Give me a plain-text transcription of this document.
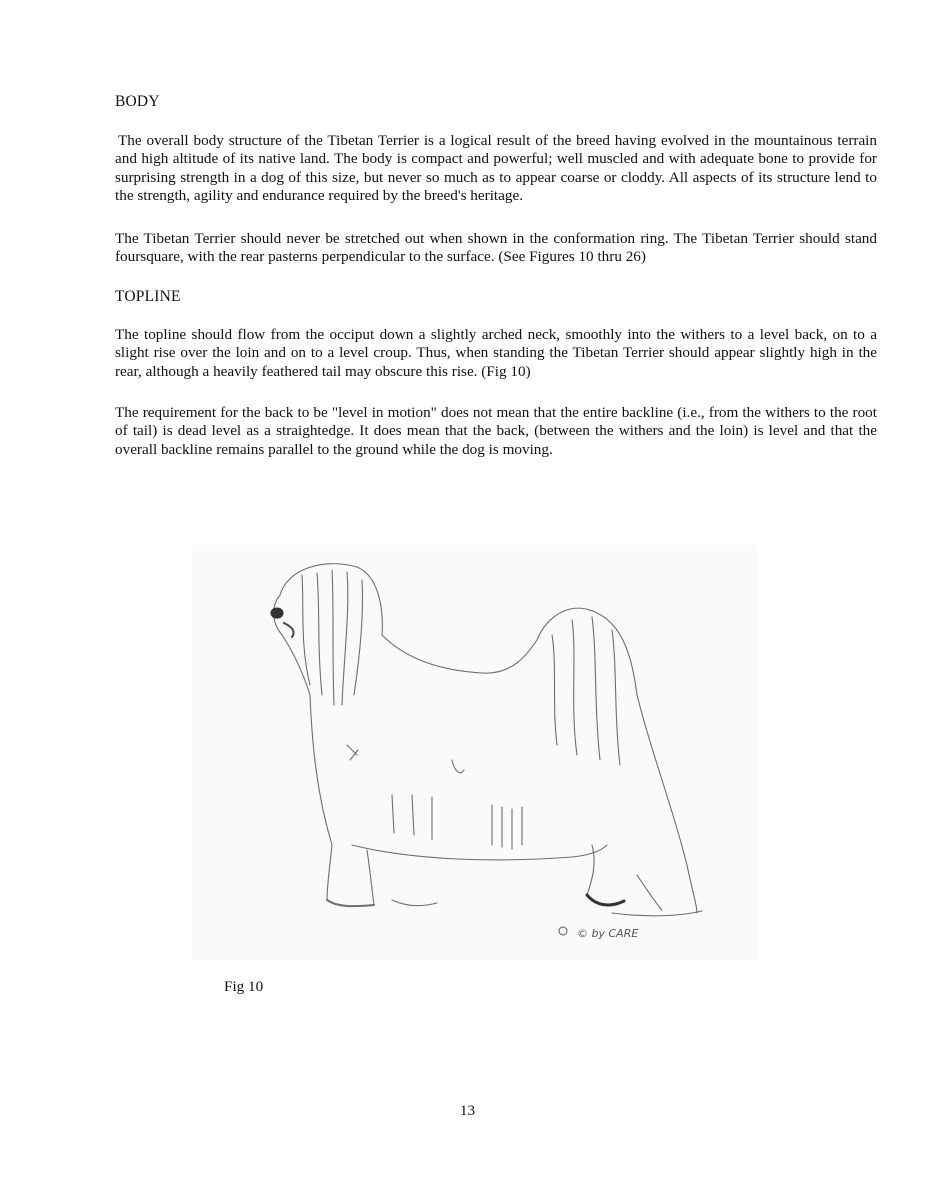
BODY

The overall body structure of the Tibetan Terrier is a logical result of the breed having evolved in the mountainous terrain and high altitude of its native land. The body is compact and powerful; well muscled and with adequate bone to provide for surprising strength in a dog of this size, but never so much as to appear coarse or cloddy. All aspects of its structure lend to the strength, agility and endurance required by the breed's heritage.

The Tibetan Terrier should never be stretched out when shown in the conformation ring. The Tibetan Terrier should stand foursquare, with the rear pasterns perpendicular to the surface. (See Figures 10 thru 26)

TOPLINE

The topline should flow from the occiput down a slightly arched neck, smoothly into the withers to a level back, on to a slight rise over the loin and on to a level croup. Thus, when standing the Tibetan Terrier should appear slightly high in the rear, although a heavily feathered tail may obscure this rise. (Fig 10)

The requirement for the back to be "level in motion" does not mean that the entire backline (i.e., from the withers to the root of tail) is dead level as a straightedge. It does mean that the back, (between the withers and the loin) is level and that the overall backline remains parallel to the ground while the dog is moving.

© by CARE
Fig 10
13
